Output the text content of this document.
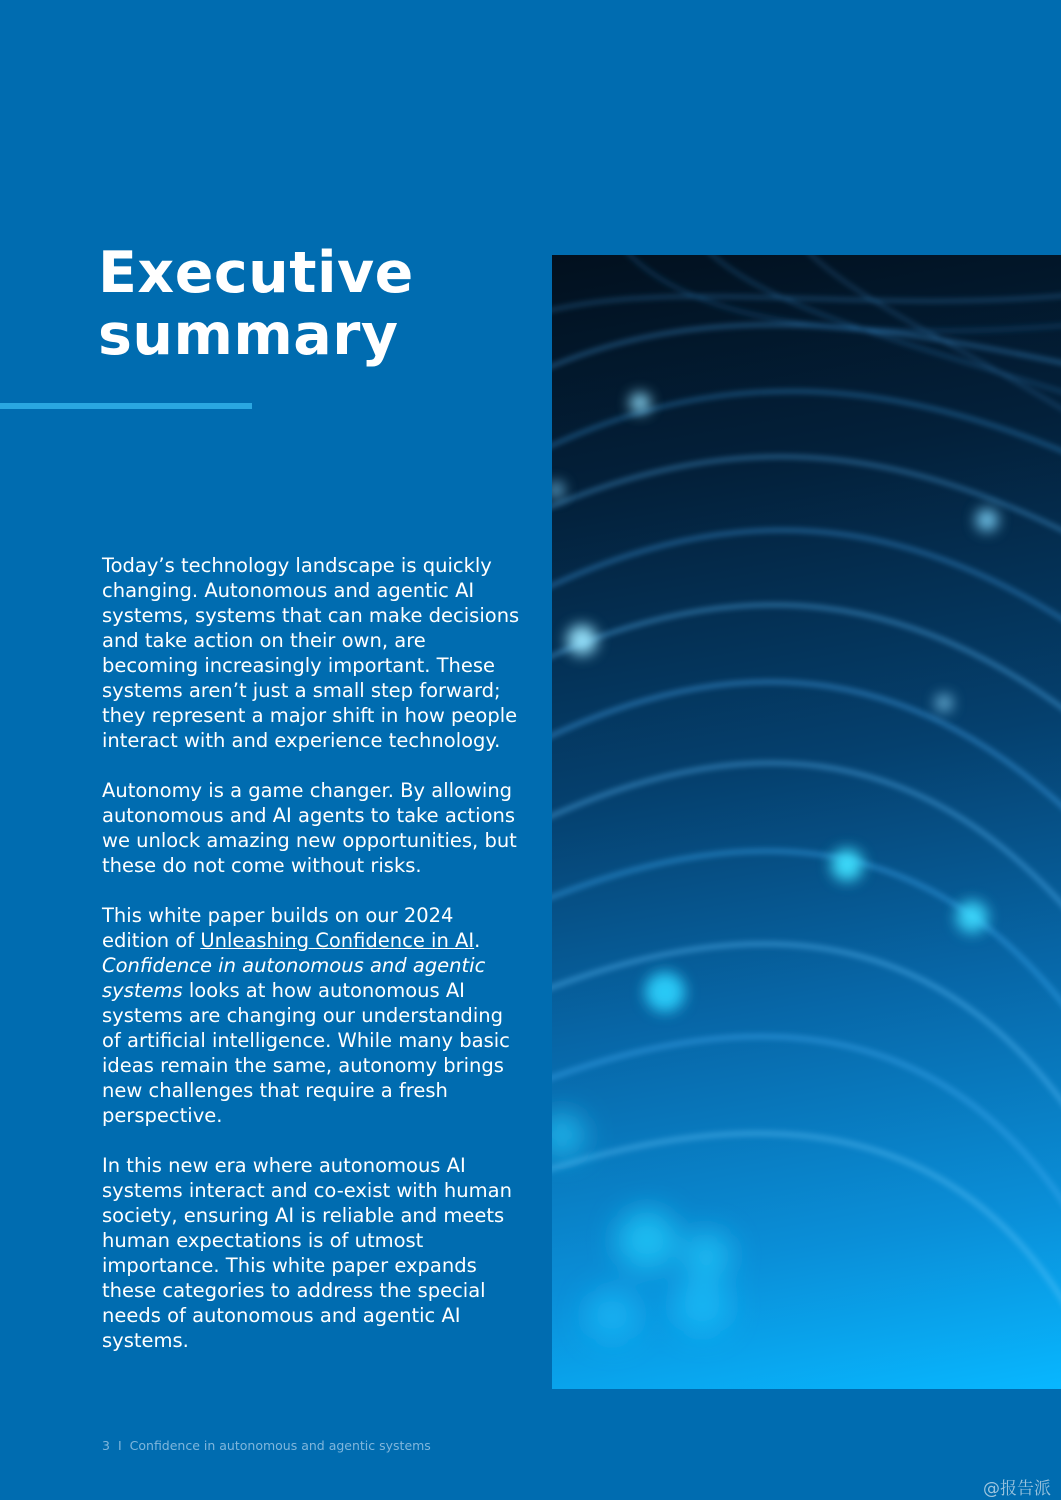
Executive
summary

Today’s technology landscape is quickly changing. Autonomous and agentic AI systems, systems that can make decisions and take action on their own, are becoming increasingly important. These systems aren’t just a small step forward; they represent a major shift in how people interact with and experience technology.

Autonomy is a game changer. By allowing autonomous and AI agents to take actions we unlock amazing new opportunities, but these do not come without risks.

This white paper builds on our 2024 edition of Unleashing Confidence in AI. Confidence in autonomous and agentic systems looks at how autonomous AI systems are changing our understanding of artificial intelligence. While many basic ideas remain the same, autonomy brings new challenges that require a fresh perspective.

In this new era where autonomous AI systems interact and co-exist with human society, ensuring AI is reliable and meets human expectations is of utmost importance. This white paper expands these categories to address the special needs of autonomous and agentic AI systems.

3 I Confidence in autonomous and agentic systems
@报告派
